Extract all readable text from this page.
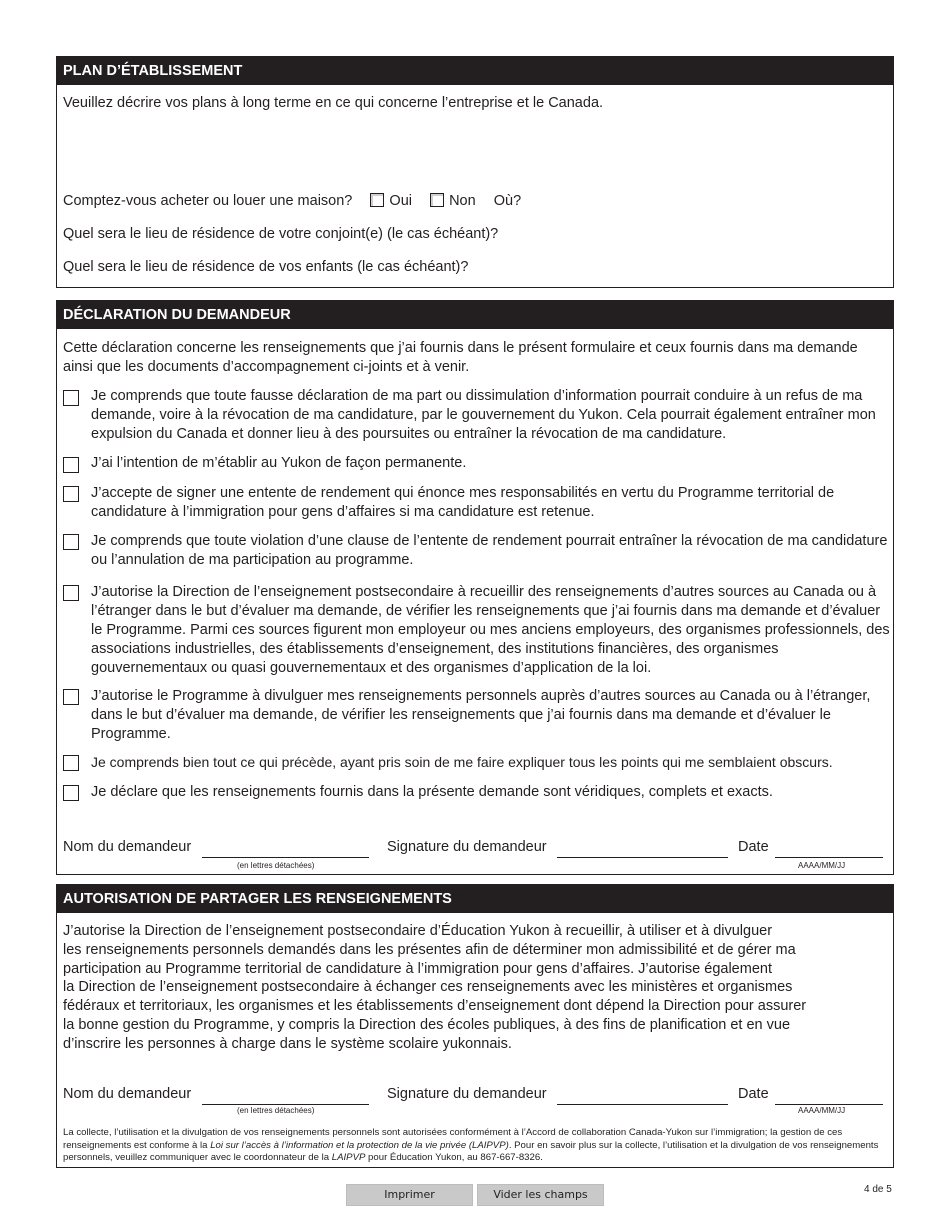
PLAN D’ÉTABLISSEMENT
Veuillez décrire vos plans à long terme en ce qui concerne l’entreprise et le Canada.
Comptez-vous acheter ou louer une maison?	Oui	Non Où?
Quel sera le lieu de résidence de votre conjoint(e) (le cas échéant)?
Quel sera le lieu de résidence de vos enfants (le cas échéant)?
DÉCLARATION DU DEMANDEUR
Cette déclaration concerne les renseignements que j’ai fournis dans le présent formulaire et ceux fournis dans ma demande ainsi que les documents d’accompagnement ci-joints et à venir.
Je comprends que toute fausse déclaration de ma part ou dissimulation d’information pourrait conduire à un refus de ma demande, voire à la révocation de ma candidature, par le gouvernement du Yukon. Cela pourrait également entraîner mon expulsion du Canada et donner lieu à des poursuites ou entraîner la révocation de ma candidature.
J’ai l’intention de m’établir au Yukon de façon permanente.
J’accepte de signer une entente de rendement qui énonce mes responsabilités en vertu du Programme territorial de candidature à l’immigration pour gens d’affaires si ma candidature est retenue.
Je comprends que toute violation d’une clause de l’entente de rendement pourrait entraîner la révocation de ma candidature ou l’annulation de ma participation au programme.
J’autorise la Direction de l’enseignement postsecondaire à recueillir des renseignements d’autres sources au Canada ou à l’étranger dans le but d’évaluer ma demande, de vérifier les renseignements que j’ai fournis dans ma demande et d’évaluer le Programme. Parmi ces sources figurent mon employeur ou mes anciens employeurs, des organismes professionnels, des associations industrielles, des établissements d’enseignement, des institutions financières, des organismes gouvernementaux ou quasi gouvernementaux et des organismes d’application de la loi.
J’autorise le Programme à divulguer mes renseignements personnels auprès d’autres sources au Canada ou à l’étranger, dans le but d’évaluer ma demande, de vérifier les renseignements que j’ai fournis dans ma demande et d’évaluer le Programme.
Je comprends bien tout ce qui précède, ayant pris soin de me faire expliquer tous les points qui me semblaient obscurs.
Je déclare que les renseignements fournis dans la présente demande sont véridiques, complets et exacts.
Nom du demandeur
(en lettres détachées)
Signature du demandeur	Date
AAAA/MM/JJ
AUTORISATION DE PARTAGER LES RENSEIGNEMENTS
J’autorise la Direction de l’enseignement postsecondaire d’Éducation Yukon à recueillir, à utiliser et à divulguer
les renseignements personnels demandés dans les présentes afin de déterminer mon admissibilité et de gérer ma
participation au Programme territorial de candidature à l’immigration pour gens d’affaires. J’autorise également
la Direction de l’enseignement postsecondaire à échanger ces renseignements avec les ministères et organismes
fédéraux et territoriaux, les organismes et les établissements d’enseignement dont dépend la Direction pour assurer
la bonne gestion du Programme, y compris la Direction des écoles publiques, à des fins de planification et en vue
d’inscrire les personnes à charge dans le système scolaire yukonnais.
Nom du demandeur
(en lettres détachées)
Signature du demandeur	Date
AAAA/MM/JJ
La collecte, l’utilisation et la divulgation de vos renseignements personnels sont autorisées conformément à l’Accord de collaboration Canada-Yukon sur l’immigration; la gestion de ces renseignements est conforme à la Loi sur l’accès à l’information et la protection de la vie privée (LAIPVP). Pour en savoir plus sur la collecte, l’utilisation et la divulgation de vos renseignements personnels, veuillez communiquer avec le coordonnateur de la LAIPVP pour Éducation Yukon, au 867-667-8326.
Imprimer	Vider les champs	4 de 5
